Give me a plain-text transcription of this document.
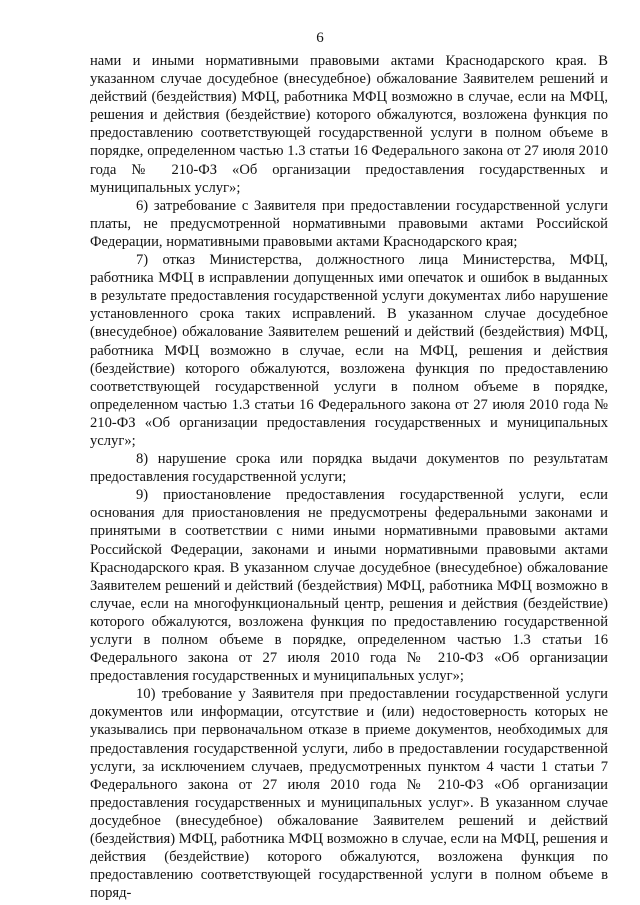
6

нами и иными нормативными правовыми актами Краснодарского края. В указанном случае досудебное (внесудебное) обжалование Заявителем решений и действий (бездействия) МФЦ, работника МФЦ возможно в случае, если на МФЦ, решения и действия (бездействие) которого обжалуются, возложена функция по предоставлению соответствующей государственной услуги в полном объеме в порядке, определенном частью 1.3 статьи 16 Федерального закона от 27 июля 2010 года № 210-ФЗ «Об организации предоставления государственных и муниципальных услуг»;

6) затребование с Заявителя при предоставлении государственной услуги платы, не предусмотренной нормативными правовыми актами Российской Федерации, нормативными правовыми актами Краснодарского края;

7) отказ Министерства, должностного лица Министерства, МФЦ, работника МФЦ в исправлении допущенных ими опечаток и ошибок в выданных в результате предоставления государственной услуги документах либо нарушение установленного срока таких исправлений. В указанном случае досудебное (внесудебное) обжалование Заявителем решений и действий (бездействия) МФЦ, работника МФЦ возможно в случае, если на МФЦ, решения и действия (бездействие) которого обжалуются, возложена функция по предоставлению соответствующей государственной услуги в полном объеме в порядке, определенном частью 1.3 статьи 16 Федерального закона от 27 июля 2010 года № 210-ФЗ «Об организации предоставления государственных и муниципальных услуг»;

8) нарушение срока или порядка выдачи документов по результатам предоставления государственной услуги;

9) приостановление предоставления государственной услуги, если основания для приостановления не предусмотрены федеральными законами и принятыми в соответствии с ними иными нормативными правовыми актами Российской Федерации, законами и иными нормативными правовыми актами Краснодарского края. В указанном случае досудебное (внесудебное) обжалование Заявителем решений и действий (бездействия) МФЦ, работника МФЦ возможно в случае, если на многофункциональный центр, решения и действия (бездействие) которого обжалуются, возложена функция по предоставлению государственной услуги в полном объеме в порядке, определенном частью 1.3 статьи 16 Федерального закона от 27 июля 2010 года № 210-ФЗ «Об организации предоставления государственных и муниципальных услуг»;

10) требование у Заявителя при предоставлении государственной услуги документов или информации, отсутствие и (или) недостоверность которых не указывались при первоначальном отказе в приеме документов, необходимых для предоставления государственной услуги, либо в предоставлении государственной услуги, за исключением случаев, предусмотренных пунктом 4 части 1 статьи 7 Федерального закона от 27 июля 2010 года № 210-ФЗ «Об организации предоставления государственных и муниципальных услуг». В указанном случае досудебное (внесудебное) обжалование Заявителем решений и действий (бездействия) МФЦ, работника МФЦ возможно в случае, если на МФЦ, решения и действия (бездействие) которого обжалуются, возложена функция по предоставлению соответствующей государственной услуги в полном объеме в поряд-
